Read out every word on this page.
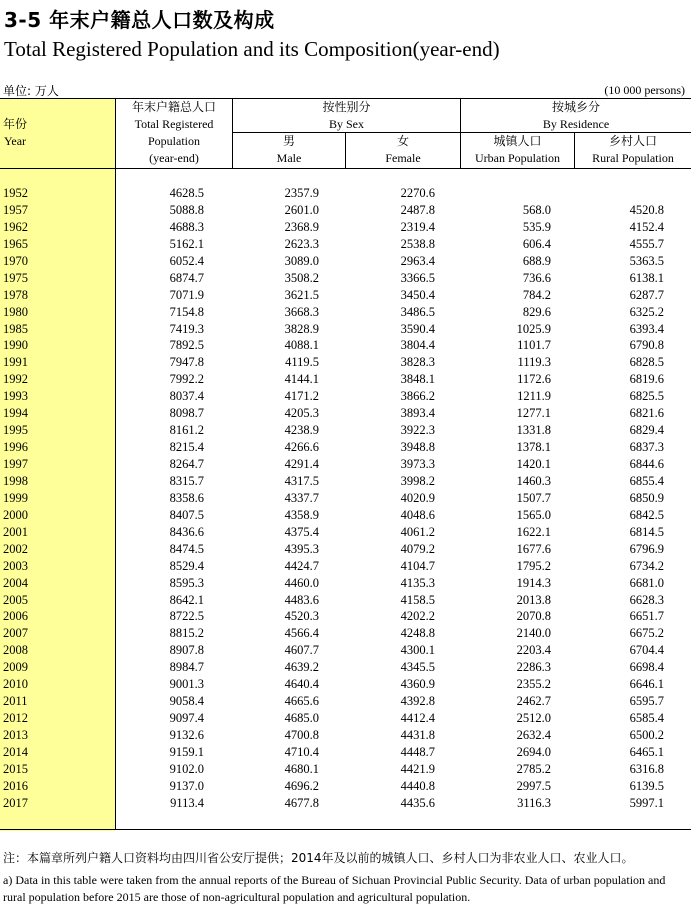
3-5 年末户籍总人口数及构成
Total Registered Population and its Composition(year-end)
单位: 万人	(10 000 persons)
年份
Year
年末户籍总人口
Total Registered
Population
(year-end)
按性别分
By Sex
男
Male
女
Female
按城乡分
By Residence
城镇人口
Urban Population
乡村人口
Rural Population
1952	4628.5	2357.9	2270.6
1957	5088.8	2601.0	2487.8	568.0	4520.8
1962	4688.3	2368.9	2319.4	535.9	4152.4
1965	5162.1	2623.3	2538.8	606.4	4555.7
1970	6052.4	3089.0	2963.4	688.9	5363.5
1975	6874.7	3508.2	3366.5	736.6	6138.1
1978	7071.9	3621.5	3450.4	784.2	6287.7
1980	7154.8	3668.3	3486.5	829.6	6325.2
1985	7419.3	3828.9	3590.4	1025.9	6393.4
1990	7892.5	4088.1	3804.4	1101.7	6790.8
1991	7947.8	4119.5	3828.3	1119.3	6828.5
1992	7992.2	4144.1	3848.1	1172.6	6819.6
1993	8037.4	4171.2	3866.2	1211.9	6825.5
1994	8098.7	4205.3	3893.4	1277.1	6821.6
1995	8161.2	4238.9	3922.3	1331.8	6829.4
1996	8215.4	4266.6	3948.8	1378.1	6837.3
1997	8264.7	4291.4	3973.3	1420.1	6844.6
1998	8315.7	4317.5	3998.2	1460.3	6855.4
1999	8358.6	4337.7	4020.9	1507.7	6850.9
2000	8407.5	4358.9	4048.6	1565.0	6842.5
2001	8436.6	4375.4	4061.2	1622.1	6814.5
2002	8474.5	4395.3	4079.2	1677.6	6796.9
2003	8529.4	4424.7	4104.7	1795.2	6734.2
2004	8595.3	4460.0	4135.3	1914.3	6681.0
2005	8642.1	4483.6	4158.5	2013.8	6628.3
2006	8722.5	4520.3	4202.2	2070.8	6651.7
2007	8815.2	4566.4	4248.8	2140.0	6675.2
2008	8907.8	4607.7	4300.1	2203.4	6704.4
2009	8984.7	4639.2	4345.5	2286.3	6698.4
2010	9001.3	4640.4	4360.9	2355.2	6646.1
2011	9058.4	4665.6	4392.8	2462.7	6595.7
2012	9097.4	4685.0	4412.4	2512.0	6585.4
2013	9132.6	4700.8	4431.8	2632.4	6500.2
2014	9159.1	4710.4	4448.7	2694.0	6465.1
2015	9102.0	4680.1	4421.9	2785.2	6316.8
2016	9137.0	4696.2	4440.8	2997.5	6139.5
2017	9113.4	4677.8	4435.6	3116.3	5997.1
注：本篇章所列户籍人口资料均由四川省公安厅提供；2014年及以前的城镇人口、乡村人口为非农业人口、农业人口。
a) Data in this table were taken from the annual reports of the Bureau of Sichuan Provincial Public Security. Data of urban population and rural population before 2015 are those of non-agricultural population and agricultural population.
